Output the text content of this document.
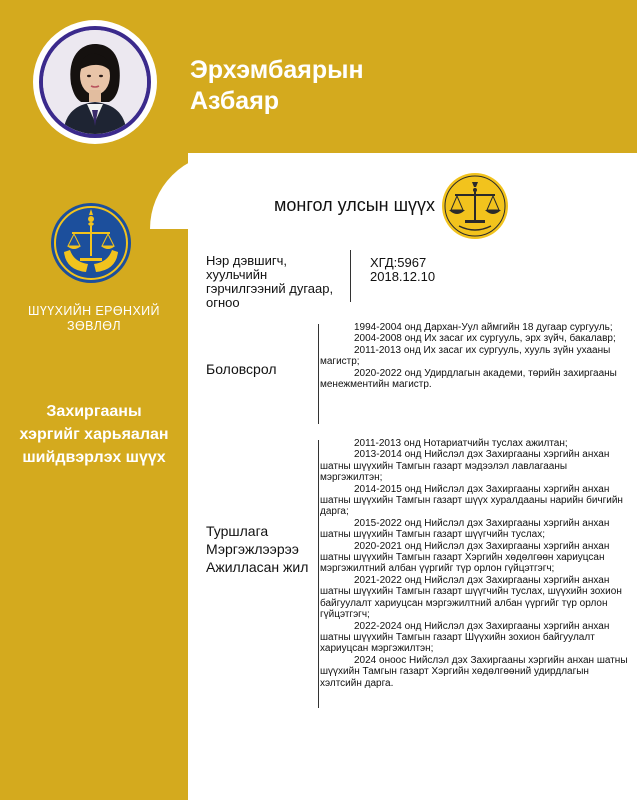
Эрхэмбаярын
Азбаяр
монгол улсын шүүх
ШҮҮХИЙН ЕРӨНХИЙ
ЗӨВЛӨЛ
Захиргааны
хэргийг харьяалан
шийдвэрлэх шүүх
Нэр дэвшигч,
хуульчийн
гэрчилгээний дугаар,
огноо
ХГД:5967
2018.12.10
Боловсрол
1994-2004 онд Дархан-Уул аймгийн 18 дугаар сургууль;
2004-2008 онд Их засаг их сургууль, эрх зүйч, бакалавр;
2011-2013 онд Их засаг их сургууль, хууль зүйн ухааны магистр;
2020-2022 онд Удирдлагын академи, төрийн захиргааны менежментийн магистр.
Туршлага
Мэргэжлээрээ
Ажилласан жил
2011-2013 онд Нотариатчийн туслах ажилтан;
2013-2014 онд Нийслэл дэх Захиргааны хэргийн анхан шатны шүүхийн Тамгын газарт мэдээлэл лавлагааны мэргэжилтэн;
2014-2015 онд Нийслэл дэх Захиргааны хэргийн анхан шатны шүүхийн Тамгын газарт шүүх хуралдааны нарийн бичгийн дарга;
2015-2022 онд Нийслэл дэх Захиргааны хэргийн анхан шатны шүүхийн Тамгын газарт шүүгчийн туслах;
2020-2021 онд Нийслэл дэх Захиргааны хэргийн анхан шатны шүүхийн Тамгын газарт Хэргийн хөдөлгөөн хариуцсан мэргэжилтний албан үүргийг түр орлон гүйцэтгэгч;
2021-2022 онд Нийслэл дэх Захиргааны хэргийн анхан шатны шүүхийн Тамгын газарт шүүгчийн туслах, шүүхийн зохион байгуулалт хариуцсан мэргэжилтний албан үүргийг түр орлон гүйцэтгэгч;
2022-2024 онд Нийслэл дэх Захиргааны хэргийн анхан шатны шүүхийн Тамгын газарт Шүүхийн зохион байгуулалт хариуцсан мэргэжилтэн;
2024 оноос Нийслэл дэх Захиргааны хэргийн анхан шатны шүүхийн Тамгын газарт Хэргийн хөдөлгөөний удирдлагын хэлтсийн дарга.
